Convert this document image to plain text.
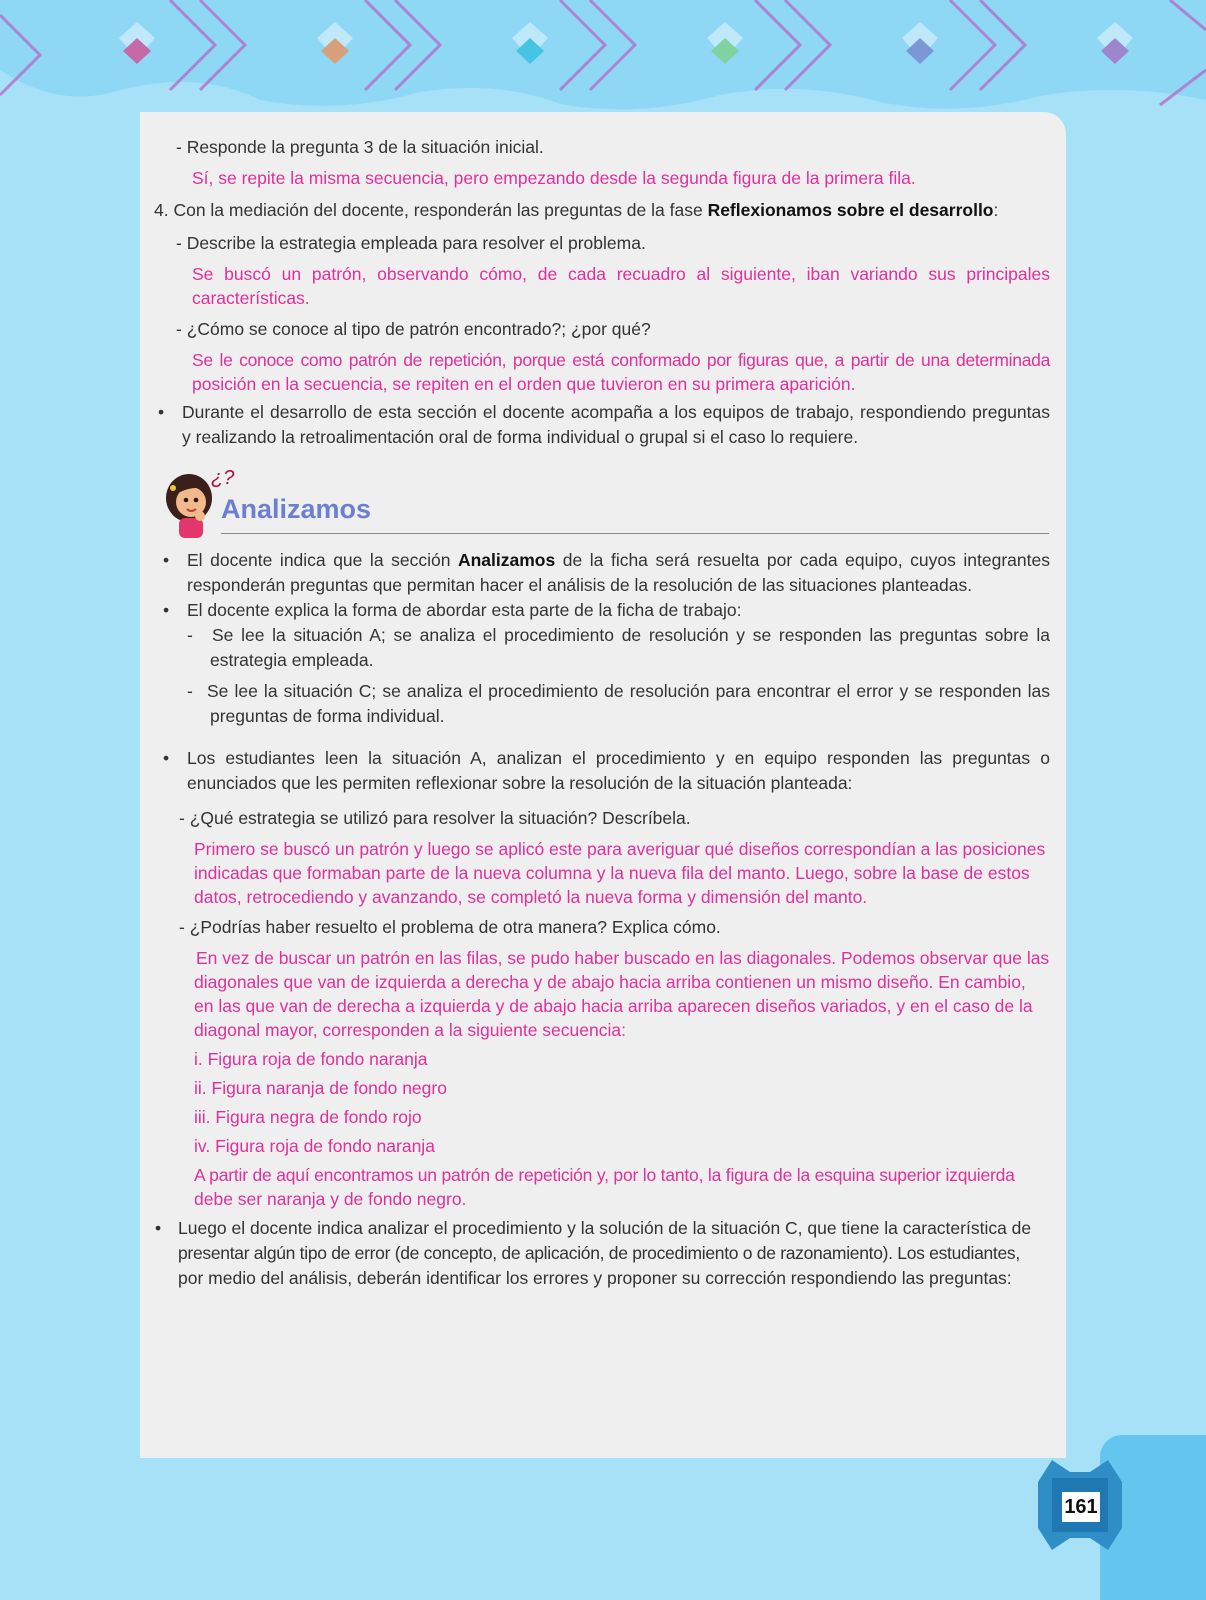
161
- Responde la pregunta 3 de la situación inicial.
Sí, se repite la misma secuencia, pero empezando desde la segunda figura de la primera fila.
4. Con la mediación del docente, responderán las preguntas de la fase Reflexionamos sobre el desarrollo:
- Describe la estrategia empleada para resolver el problema.
Se buscó un patrón, observando cómo, de cada recuadro al siguiente, iban variando sus principales
características.
- ¿Cómo se conoce al tipo de patrón encontrado?; ¿por qué?
Se le conoce como patrón de repetición, porque está conformado por figuras que, a partir de una determinada
posición en la secuencia, se repiten en el orden que tuvieron en su primera aparición.
• Durante el desarrollo de esta sección el docente acompaña a los equipos de trabajo, respondiendo preguntas
y realizando la retroalimentación oral de forma individual o grupal si el caso lo requiere.
¿?
Analizamos
• El docente indica que la sección Analizamos de la ficha será resuelta por cada equipo, cuyos integrantes
responderán preguntas que permitan hacer el análisis de la resolución de las situaciones planteadas.
• El docente explica la forma de abordar esta parte de la ficha de trabajo:
- Se lee la situación A; se analiza el procedimiento de resolución y se responden las preguntas sobre la
estrategia empleada.
- Se lee la situación C; se analiza el procedimiento de resolución para encontrar el error y se responden las
preguntas de forma individual.
• Los estudiantes leen la situación A, analizan el procedimiento y en equipo responden las preguntas o
enunciados que les permiten reflexionar sobre la resolución de la situación planteada:
- ¿Qué estrategia se utilizó para resolver la situación? Descríbela.
Primero se buscó un patrón y luego se aplicó este para averiguar qué diseños correspondían a las posiciones
indicadas que formaban parte de la nueva columna y la nueva fila del manto. Luego, sobre la base de estos
datos, retrocediendo y avanzando, se completó la nueva forma y dimensión del manto.
- ¿Podrías haber resuelto el problema de otra manera? Explica cómo.
En vez de buscar un patrón en las filas, se pudo haber buscado en las diagonales. Podemos observar que las
diagonales que van de izquierda a derecha y de abajo hacia arriba contienen un mismo diseño. En cambio,
en las que van de derecha a izquierda y de abajo hacia arriba aparecen diseños variados, y en el caso de la
diagonal mayor, corresponden a la siguiente secuencia:
i. Figura roja de fondo naranja
ii. Figura naranja de fondo negro
iii. Figura negra de fondo rojo
iv. Figura roja de fondo naranja
A partir de aquí encontramos un patrón de repetición y, por lo tanto, la figura de la esquina superior izquierda
debe ser naranja y de fondo negro.
• Luego el docente indica analizar el procedimiento y la solución de la situación C, que tiene la característica de
presentar algún tipo de error (de concepto, de aplicación, de procedimiento o de razonamiento). Los estudiantes,
por medio del análisis, deberán identificar los errores y proponer su corrección respondiendo las preguntas:
